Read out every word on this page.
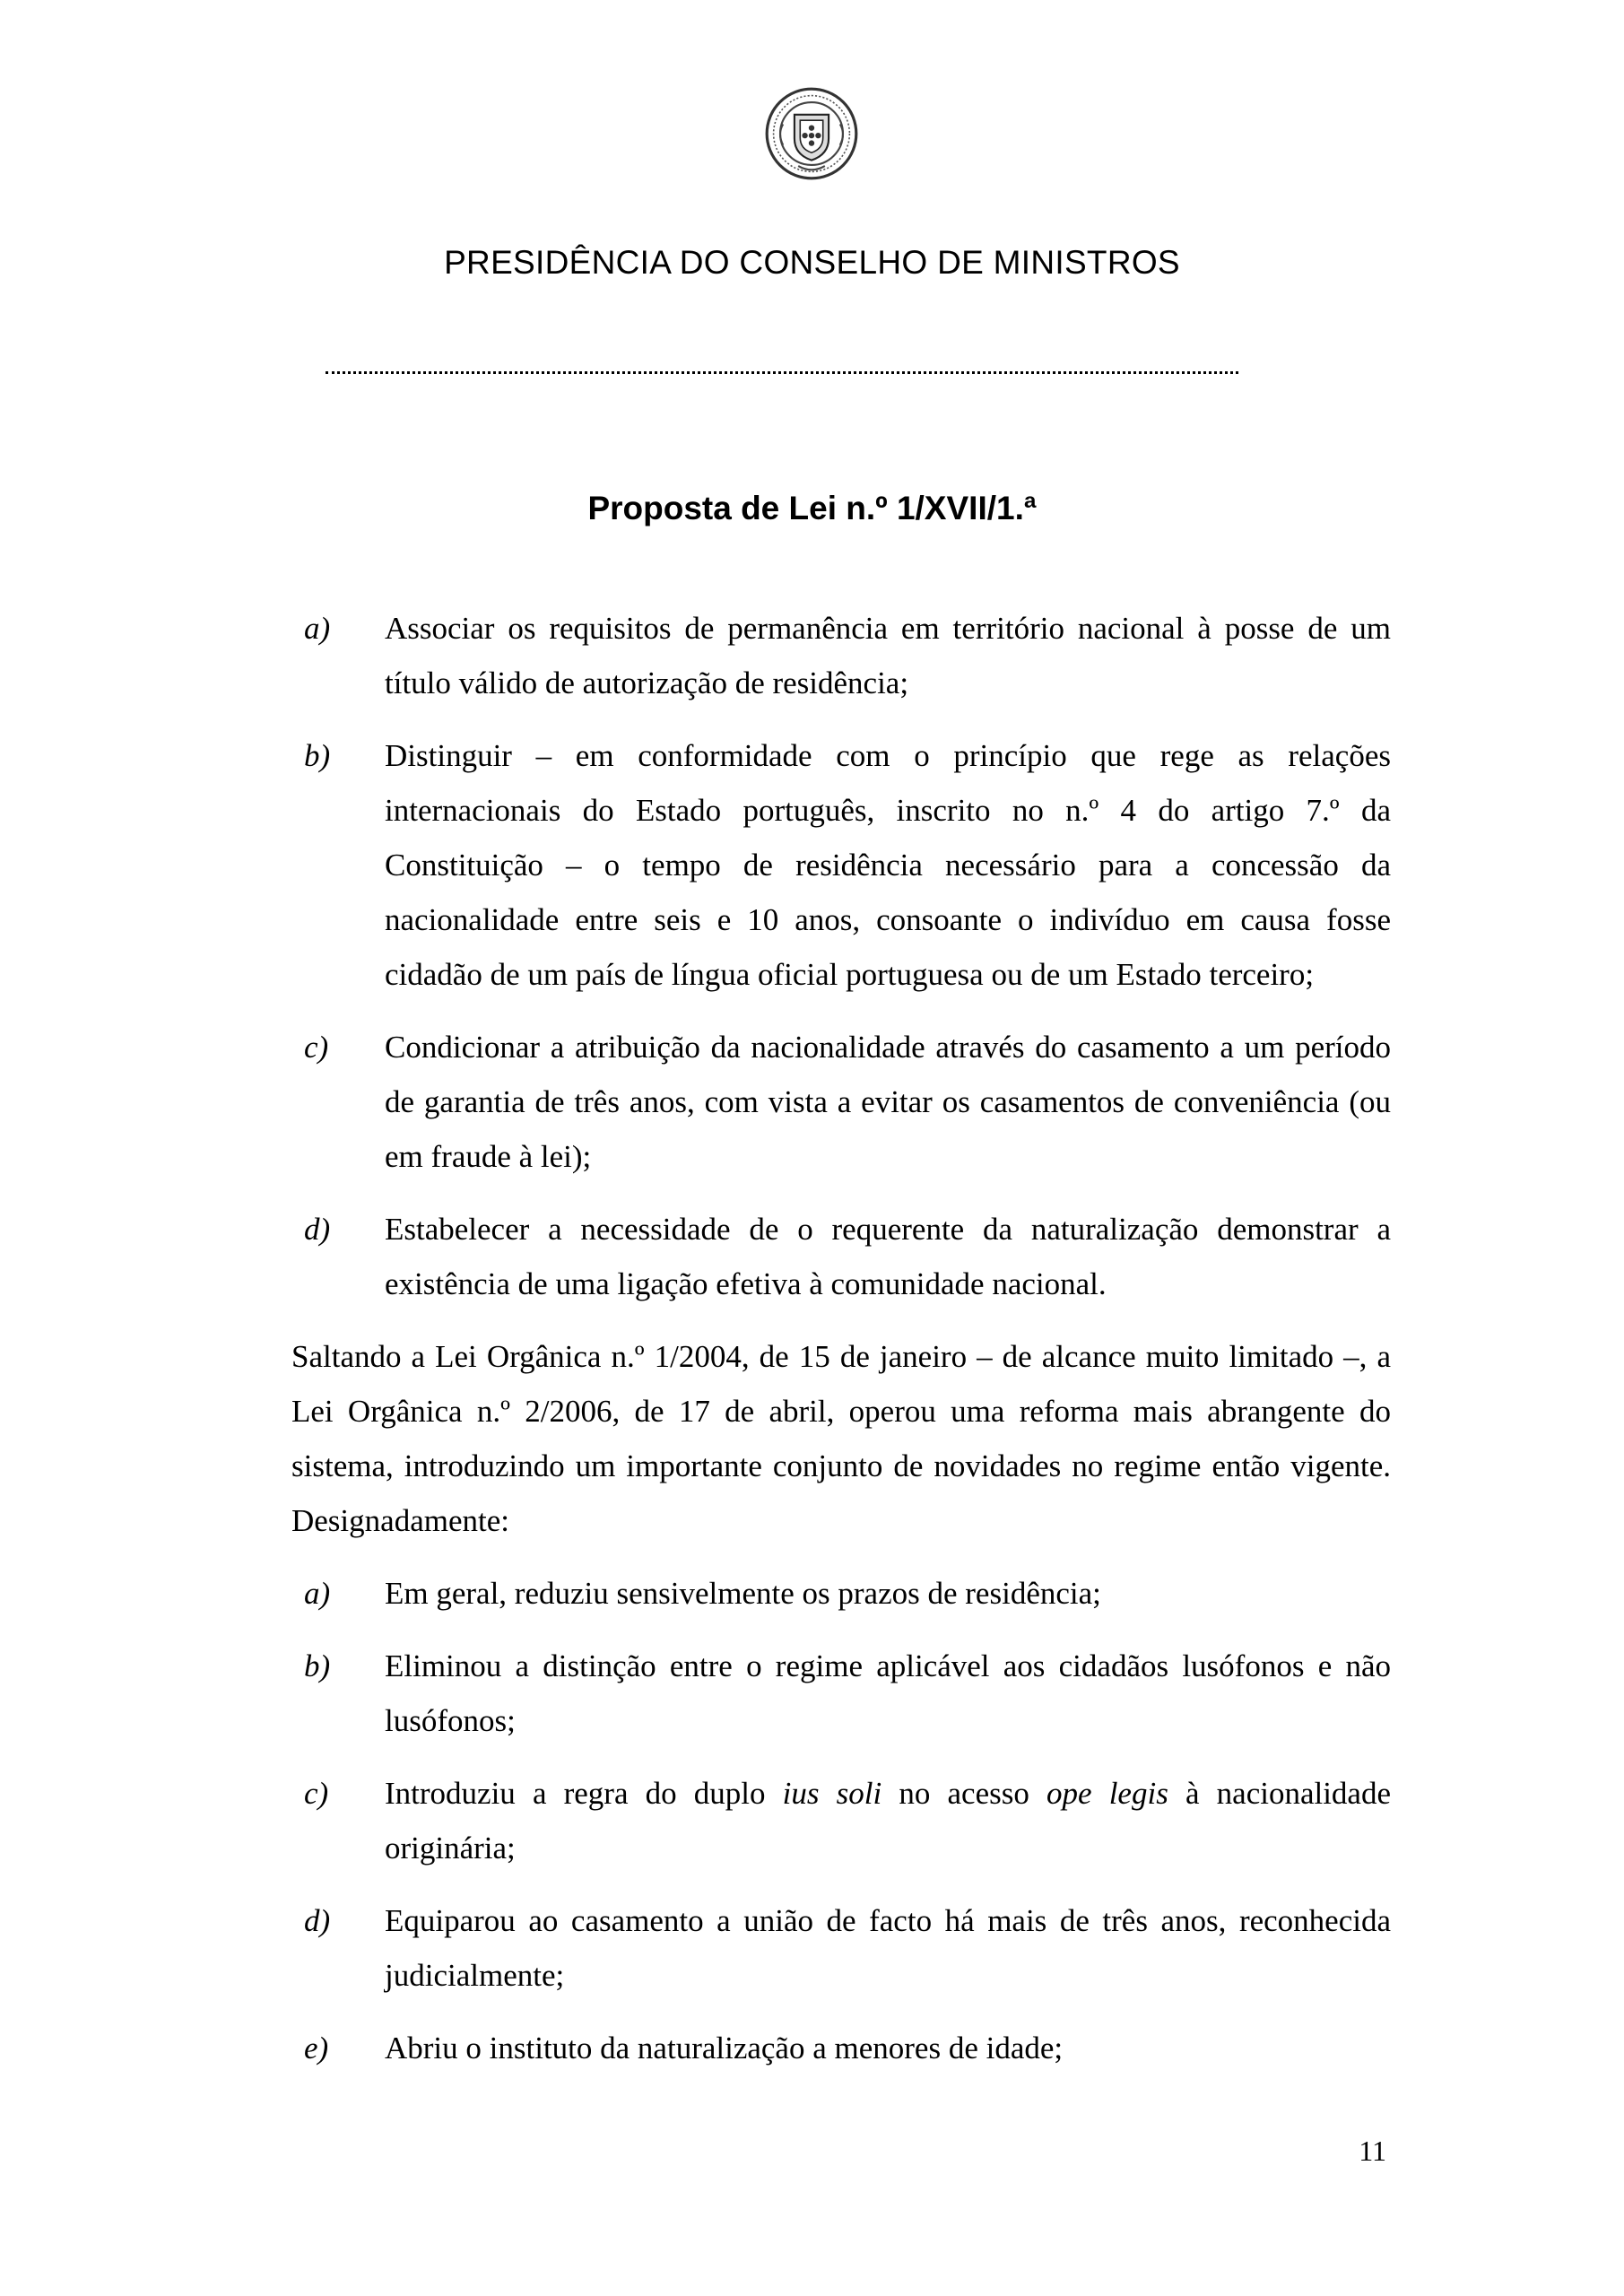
PRESIDÊNCIA DO CONSELHO DE MINISTROS
Proposta de Lei n.º 1/XVII/1.ª
a) Associar os requisitos de permanência em território nacional à posse de um título válido de autorização de residência;
b) Distinguir – em conformidade com o princípio que rege as relações internacionais do Estado português, inscrito no n.º 4 do artigo 7.º da Constituição – o tempo de residência necessário para a concessão da nacionalidade entre seis e 10 anos, consoante o indivíduo em causa fosse cidadão de um país de língua oficial portuguesa ou de um Estado terceiro;
c) Condicionar a atribuição da nacionalidade através do casamento a um período de garantia de três anos, com vista a evitar os casamentos de conveniência (ou em fraude à lei);
d) Estabelecer a necessidade de o requerente da naturalização demonstrar a existência de uma ligação efetiva à comunidade nacional.

Saltando a Lei Orgânica n.º 1/2004, de 15 de janeiro – de alcance muito limitado –, a Lei Orgânica n.º 2/2006, de 17 de abril, operou uma reforma mais abrangente do sistema, introduzindo um importante conjunto de novidades no regime então vigente. Designadamente:

a) Em geral, reduziu sensivelmente os prazos de residência;
b) Eliminou a distinção entre o regime aplicável aos cidadãos lusófonos e não lusófonos;
c) Introduziu a regra do duplo ius soli no acesso ope legis à nacionalidade originária;
d) Equiparou ao casamento a união de facto há mais de três anos, reconhecida judicialmente;
e) Abriu o instituto da naturalização a menores de idade;
11
